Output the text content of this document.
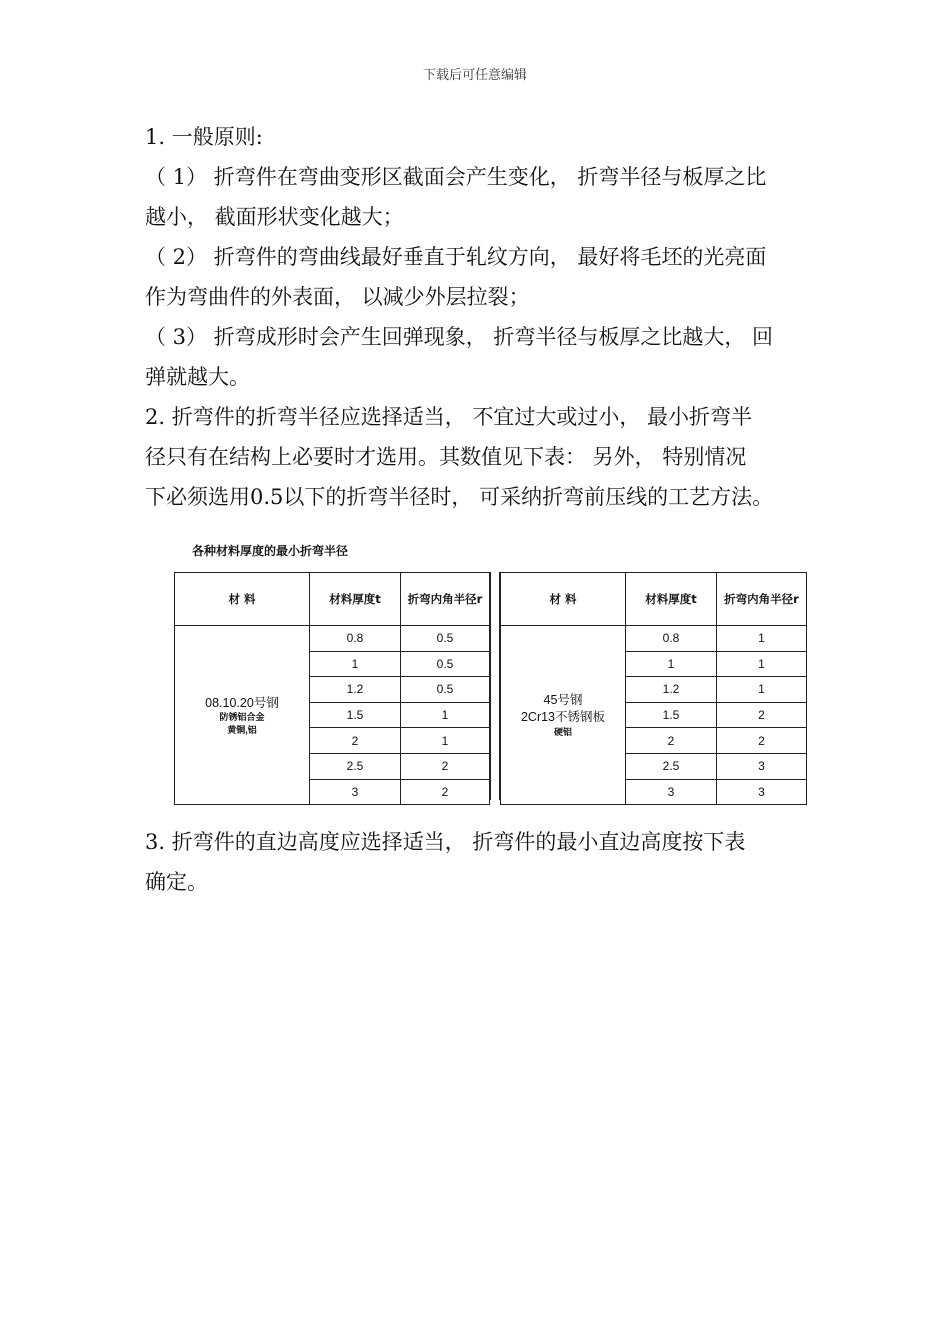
下载后可任意编辑
1. 一般原则:
（ 1） 折弯件在弯曲变形区截面会产生变化， 折弯半径与板厚之比
越小， 截面形状变化越大；
（ 2） 折弯件的弯曲线最好垂直于轧纹方向， 最好将毛坯的光亮面
作为弯曲件的外表面， 以减少外层拉裂；
（ 3） 折弯成形时会产生回弹现象， 折弯半径与板厚之比越大， 回
弹就越大。
2. 折弯件的折弯半径应选择适当， 不宜过大或过小， 最小折弯半
径只有在结构上必要时才选用。其数值见下表： 另外， 特别情况
下必须选用0.5以下的折弯半径时， 可采纳折弯前压线的工艺方法。
各种材料厚度的最小折弯半径
材 料	材料厚度t	折弯内角半径r

08.10.20号钢
防锈铝合金
黄铜,铝	0.8	0.5
	1	0.5
	1.2	0.5
	1.5	1
	2	1
	2.5	2
	3	2
材 料	材料厚度t	折弯内角半径r

45号钢
2Cr13不锈钢板
硬铝	0.8	1
	1	1
	1.2	1
	1.5	2
	2	2
	2.5	3
	3	3
3. 折弯件的直边高度应选择适当， 折弯件的最小直边高度按下表
确定。
